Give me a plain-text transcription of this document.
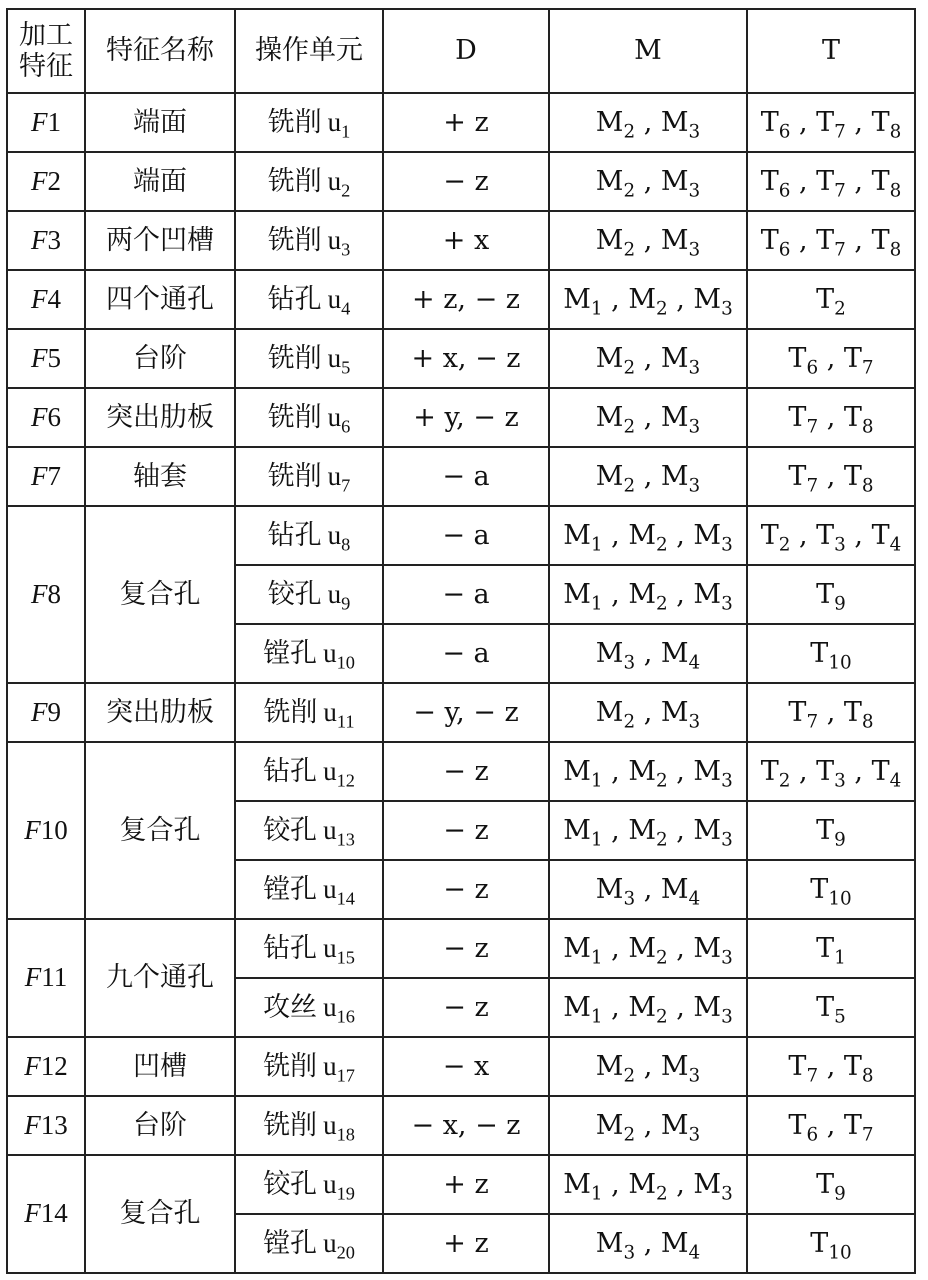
加工
特征	特征名称	操作单元	D	M	T
F1	端面	铣削 $u_1$	+ z	$M_2$ , $M_3$	$T_6$ , $T_7$ , $T_8$
F2	端面	铣削 $u_2$	− z	$M_2$ , $M_3$	$T_6$ , $T_7$ , $T_8$
F3	两个凹槽	铣削 $u_3$	+ x	$M_2$ , $M_3$	$T_6$ , $T_7$ , $T_8$
F4	四个通孔	钻孔 $u_4$	+ z, − z	$M_1$ , $M_2$ , $M_3$	$T_2$
F5	台阶	铣削 $u_5$	+ x, − z	$M_2$ , $M_3$	$T_6$ , $T_7$
F6	突出肋板	铣削 $u_6$	+ y, − z	$M_2$ , $M_3$	$T_7$ , $T_8$
F7	轴套	铣削 $u_7$	− a	$M_2$ , $M_3$	$T_7$ , $T_8$
F8	复合孔	钻孔 $u_8$	− a	$M_1$ , $M_2$ , $M_3$	$T_2$ , $T_3$ , $T_4$
		铰孔 $u_9$	− a	$M_1$ , $M_2$ , $M_3$	$T_9$
		镗孔 $u_{10}$	− a	$M_3$ , $M_4$	$T_{10}$
F9	突出肋板	铣削 $u_{11}$	− y, − z	$M_2$ , $M_3$	$T_7$ , $T_8$
F10	复合孔	钻孔 $u_{12}$	− z	$M_1$ , $M_2$ , $M_3$	$T_2$ , $T_3$ , $T_4$
		铰孔 $u_{13}$	− z	$M_1$ , $M_2$ , $M_3$	$T_9$
		镗孔 $u_{14}$	− z	$M_3$ , $M_4$	$T_{10}$
F11	九个通孔	钻孔 $u_{15}$	− z	$M_1$ , $M_2$ , $M_3$	$T_1$
		攻丝 $u_{16}$	− z	$M_1$ , $M_2$ , $M_3$	$T_5$
F12	凹槽	铣削 $u_{17}$	− x	$M_2$ , $M_3$	$T_7$ , $T_8$
F13	台阶	铣削 $u_{18}$	− x, − z	$M_2$ , $M_3$	$T_6$ , $T_7$
F14	复合孔	铰孔 $u_{19}$	+ z	$M_1$ , $M_2$ , $M_3$	$T_9$
		镗孔 $u_{20}$	+ z	$M_3$ , $M_4$	$T_{10}$
